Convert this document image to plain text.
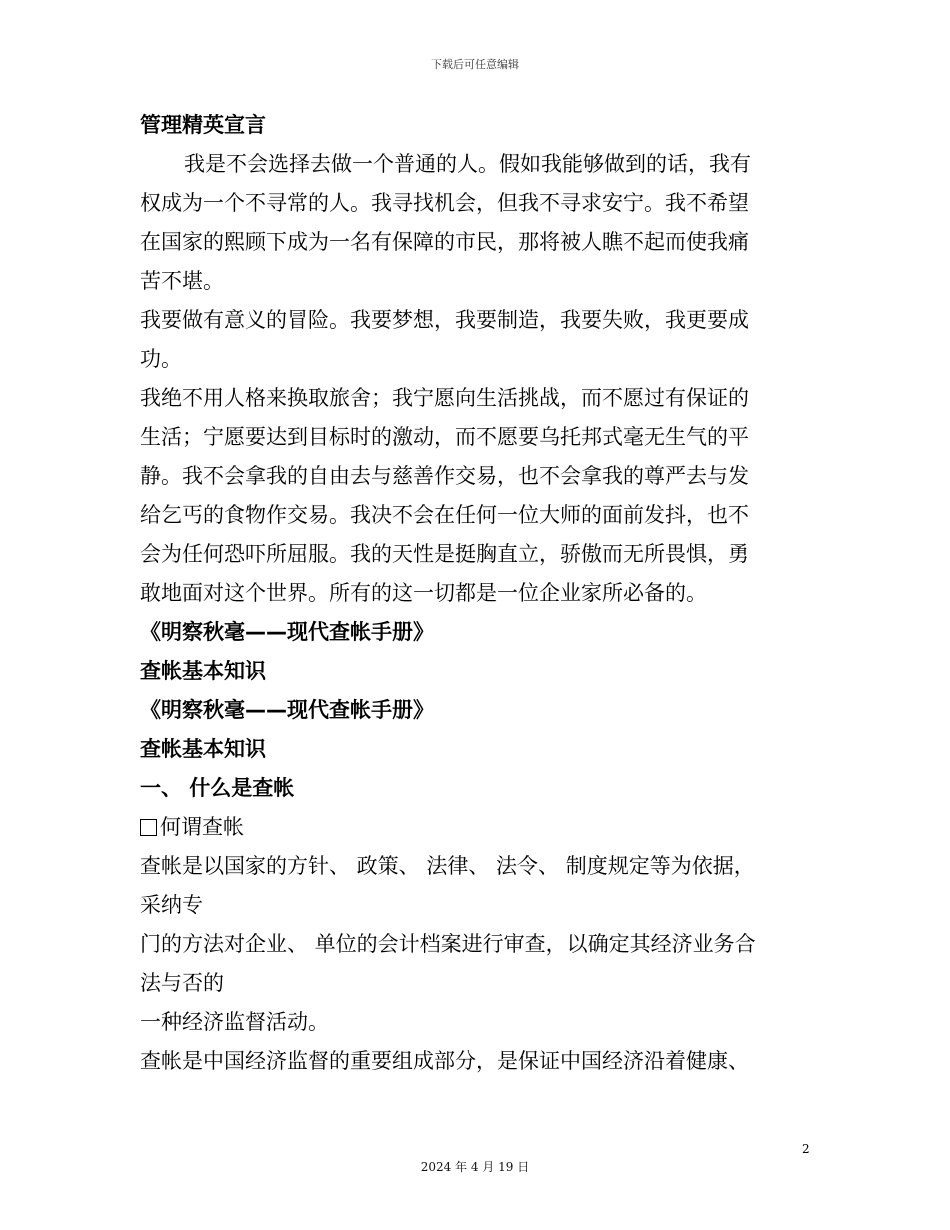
下载后可任意编辑
管理精英宣言
我是不会选择去做一个普通的人。假如我能够做到的话，我有
权成为一个不寻常的人。我寻找机会，但我不寻求安宁。我不希望
在国家的熙顾下成为一名有保障的市民，那将被人瞧不起而使我痛
苦不堪。
我要做有意义的冒险。我要梦想，我要制造，我要失败，我更要成
功。
我绝不用人格来换取旅舍；我宁愿向生活挑战，而不愿过有保证的
生活；宁愿要达到目标时的激动，而不愿要乌托邦式毫无生气的平
静。我不会拿我的自由去与慈善作交易，也不会拿我的尊严去与发
给乞丐的食物作交易。我决不会在任何一位大师的面前发抖，也不
会为任何恐吓所屈服。我的天性是挺胸直立，骄傲而无所畏惧，勇
敢地面对这个世界。所有的这一切都是一位企业家所必备的。
《明察秋毫——现代查帐手册》
查帐基本知识
《明察秋毫——现代查帐手册》
查帐基本知识
一、 什么是查帐
何谓查帐
查帐是以国家的方针、 政策、 法律、 法令、 制度规定等为依据，
采纳专
门的方法对企业、 单位的会计档案进行审查，以确定其经济业务合
法与否的
一种经济监督活动。
查帐是中国经济监督的重要组成部分，是保证中国经济沿着健康、
2
2024 年 4 月 19 日
